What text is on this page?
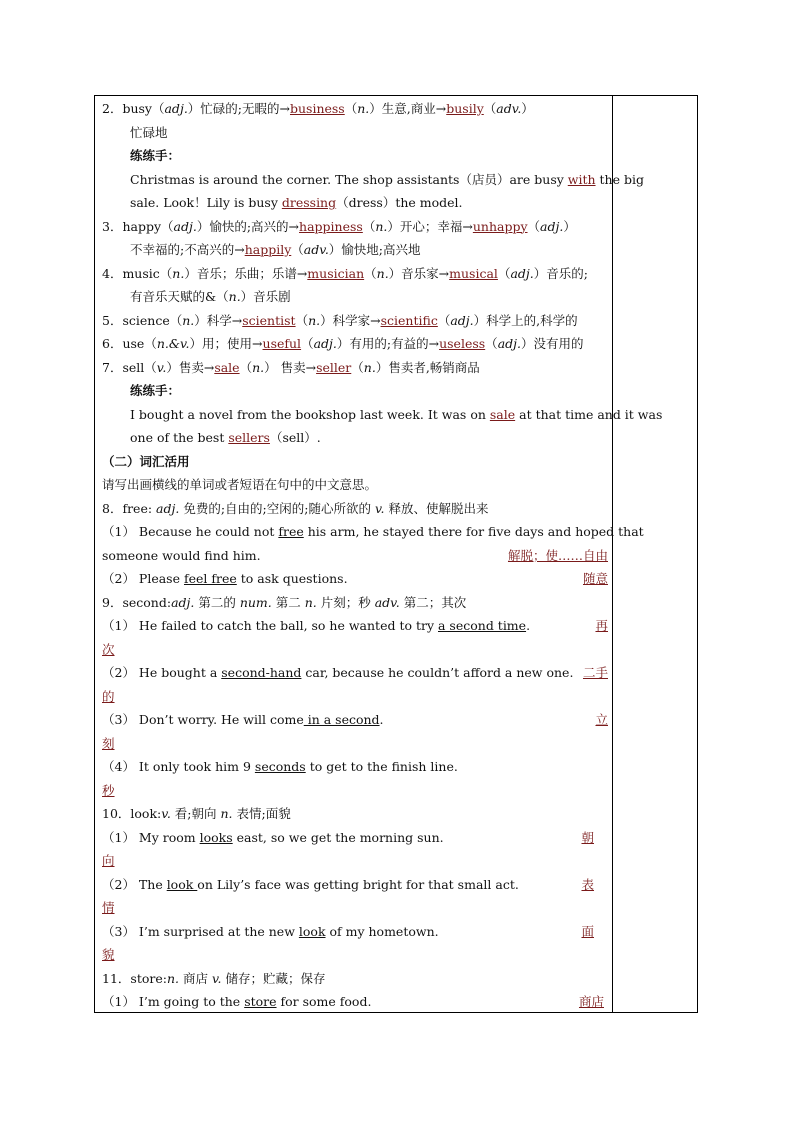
2．busy（adj.）忙碌的;无暇的→business（n.）生意,商业→busily（adv.）
忙碌地
练练手：
Christmas is around the corner. The shop assistants（店员）are busy with the big
sale. Look！Lily is busy dressing（dress）the model.
3．happy（adj.）愉快的;高兴的→happiness（n.）开心；幸福→unhappy（adj.）
不幸福的;不高兴的→happily（adv.）愉快地;高兴地
4．music（n.）音乐；乐曲；乐谱→musician（n.）音乐家→musical（adj.）音乐的;
有音乐天赋的&（n.）音乐剧
5．science（n.）科学→scientist（n.）科学家→scientific（adj.）科学上的,科学的
6．use（n.&v.）用；使用→useful（adj.）有用的;有益的→useless（adj.）没有用的
7．sell（v.）售卖→sale（n.） 售卖→seller（n.）售卖者,畅销商品
练练手：
I bought a novel from the bookshop last week. It was on sale at that time and it was
one of the best sellers（sell）.
（二）词汇活用
请写出画横线的单词或者短语在句中的中文意思。
8．free: adj. 免费的;自由的;空闲的;随心所欲的 v. 释放、使解脱出来
（1） Because he could not free his arm, he stayed there for five days and hoped that
someone would find him.	解脱；使……自由
（2） Please feel free to ask questions.	随意
9．second:adj. 第二的 num. 第二 n. 片刻；秒 adv. 第二；其次
（1） He failed to catch the ball, so he wanted to try a second time.	再
次
（2） He bought a second-hand car, because he couldn’t afford a new one. 二手
的
（3） Don’t worry. He will come in a second.	立
刻
（4） It only took him 9 seconds to get to the finish line.
秒
10．look:v. 看;朝向 n. 表情;面貌
（1） My room looks east, so we get the morning sun.	朝
向
（2） The look on Lily’s face was getting bright for that small act.	表
情
（3） I’m surprised at the new look of my hometown.	面
貌
11．store:n. 商店 v. 储存；贮藏；保存
（1） I’m going to the store for some food.	商店
